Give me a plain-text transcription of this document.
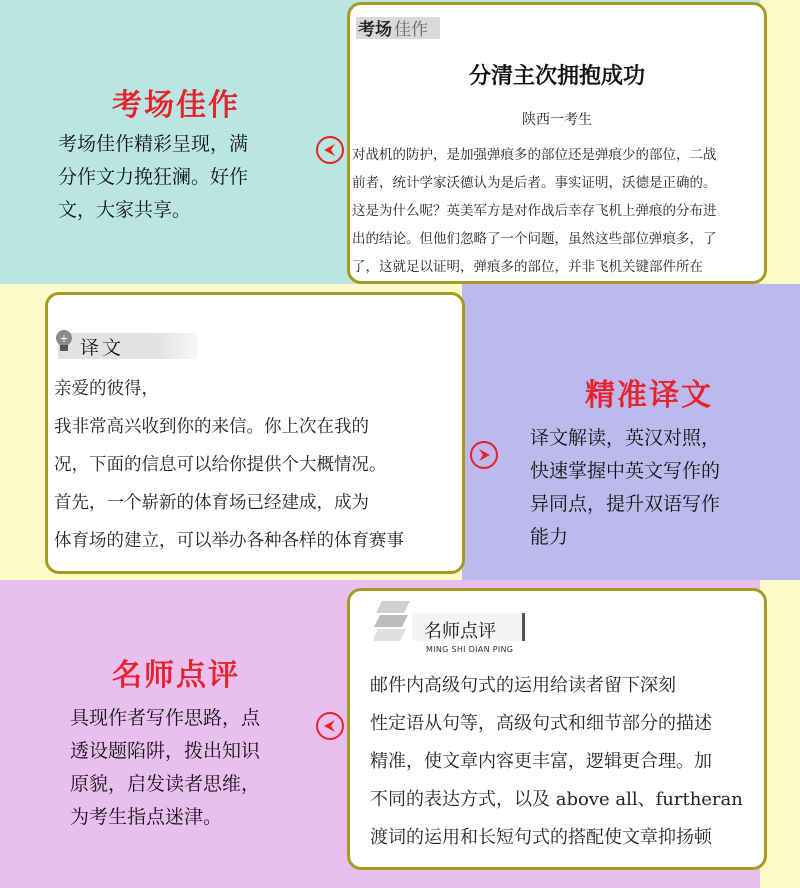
考场佳作
考场佳作精彩呈现，满
分作文力挽狂澜。好作
文，大家共享。
考场 佳作
分清主次拥抱成功
陕西一考生
对战机的防护，是加强弹痕多的部位还是弹痕少的部位，二战
前者，统计学家沃德认为是后者。事实证明，沃德是正确的。
这是为什么呢？英美军方是对作战后幸存飞机上弹痕的分布进
出的结论。但他们忽略了一个问题，虽然这些部位弹痕多，了
了，这就足以证明，弹痕多的部位，并非飞机关键部件所在
+ 译文
亲爱的彼得，
我非常高兴收到你的来信。你上次在我的
况，下面的信息可以给你提供个大概情况。
首先，一个崭新的体育场已经建成，成为
体育场的建立，可以举办各种各样的体育赛事
精准译文
译文解读，英汉对照，
快速掌握中英文写作的
异同点，提升双语写作
能力
名师点评
具现作者写作思路，点
透设题陷阱，拨出知识
原貌，启发读者思维，
为考生指点迷津。
名师点评
MING SHI DIAN PING
邮件内高级句式的运用给读者留下深刻
性定语从句等，高级句式和细节部分的描述
精准，使文章内容更丰富，逻辑更合理。加
不同的表达方式，以及 above all、furtheran
渡词的运用和长短句式的搭配使文章抑扬顿
